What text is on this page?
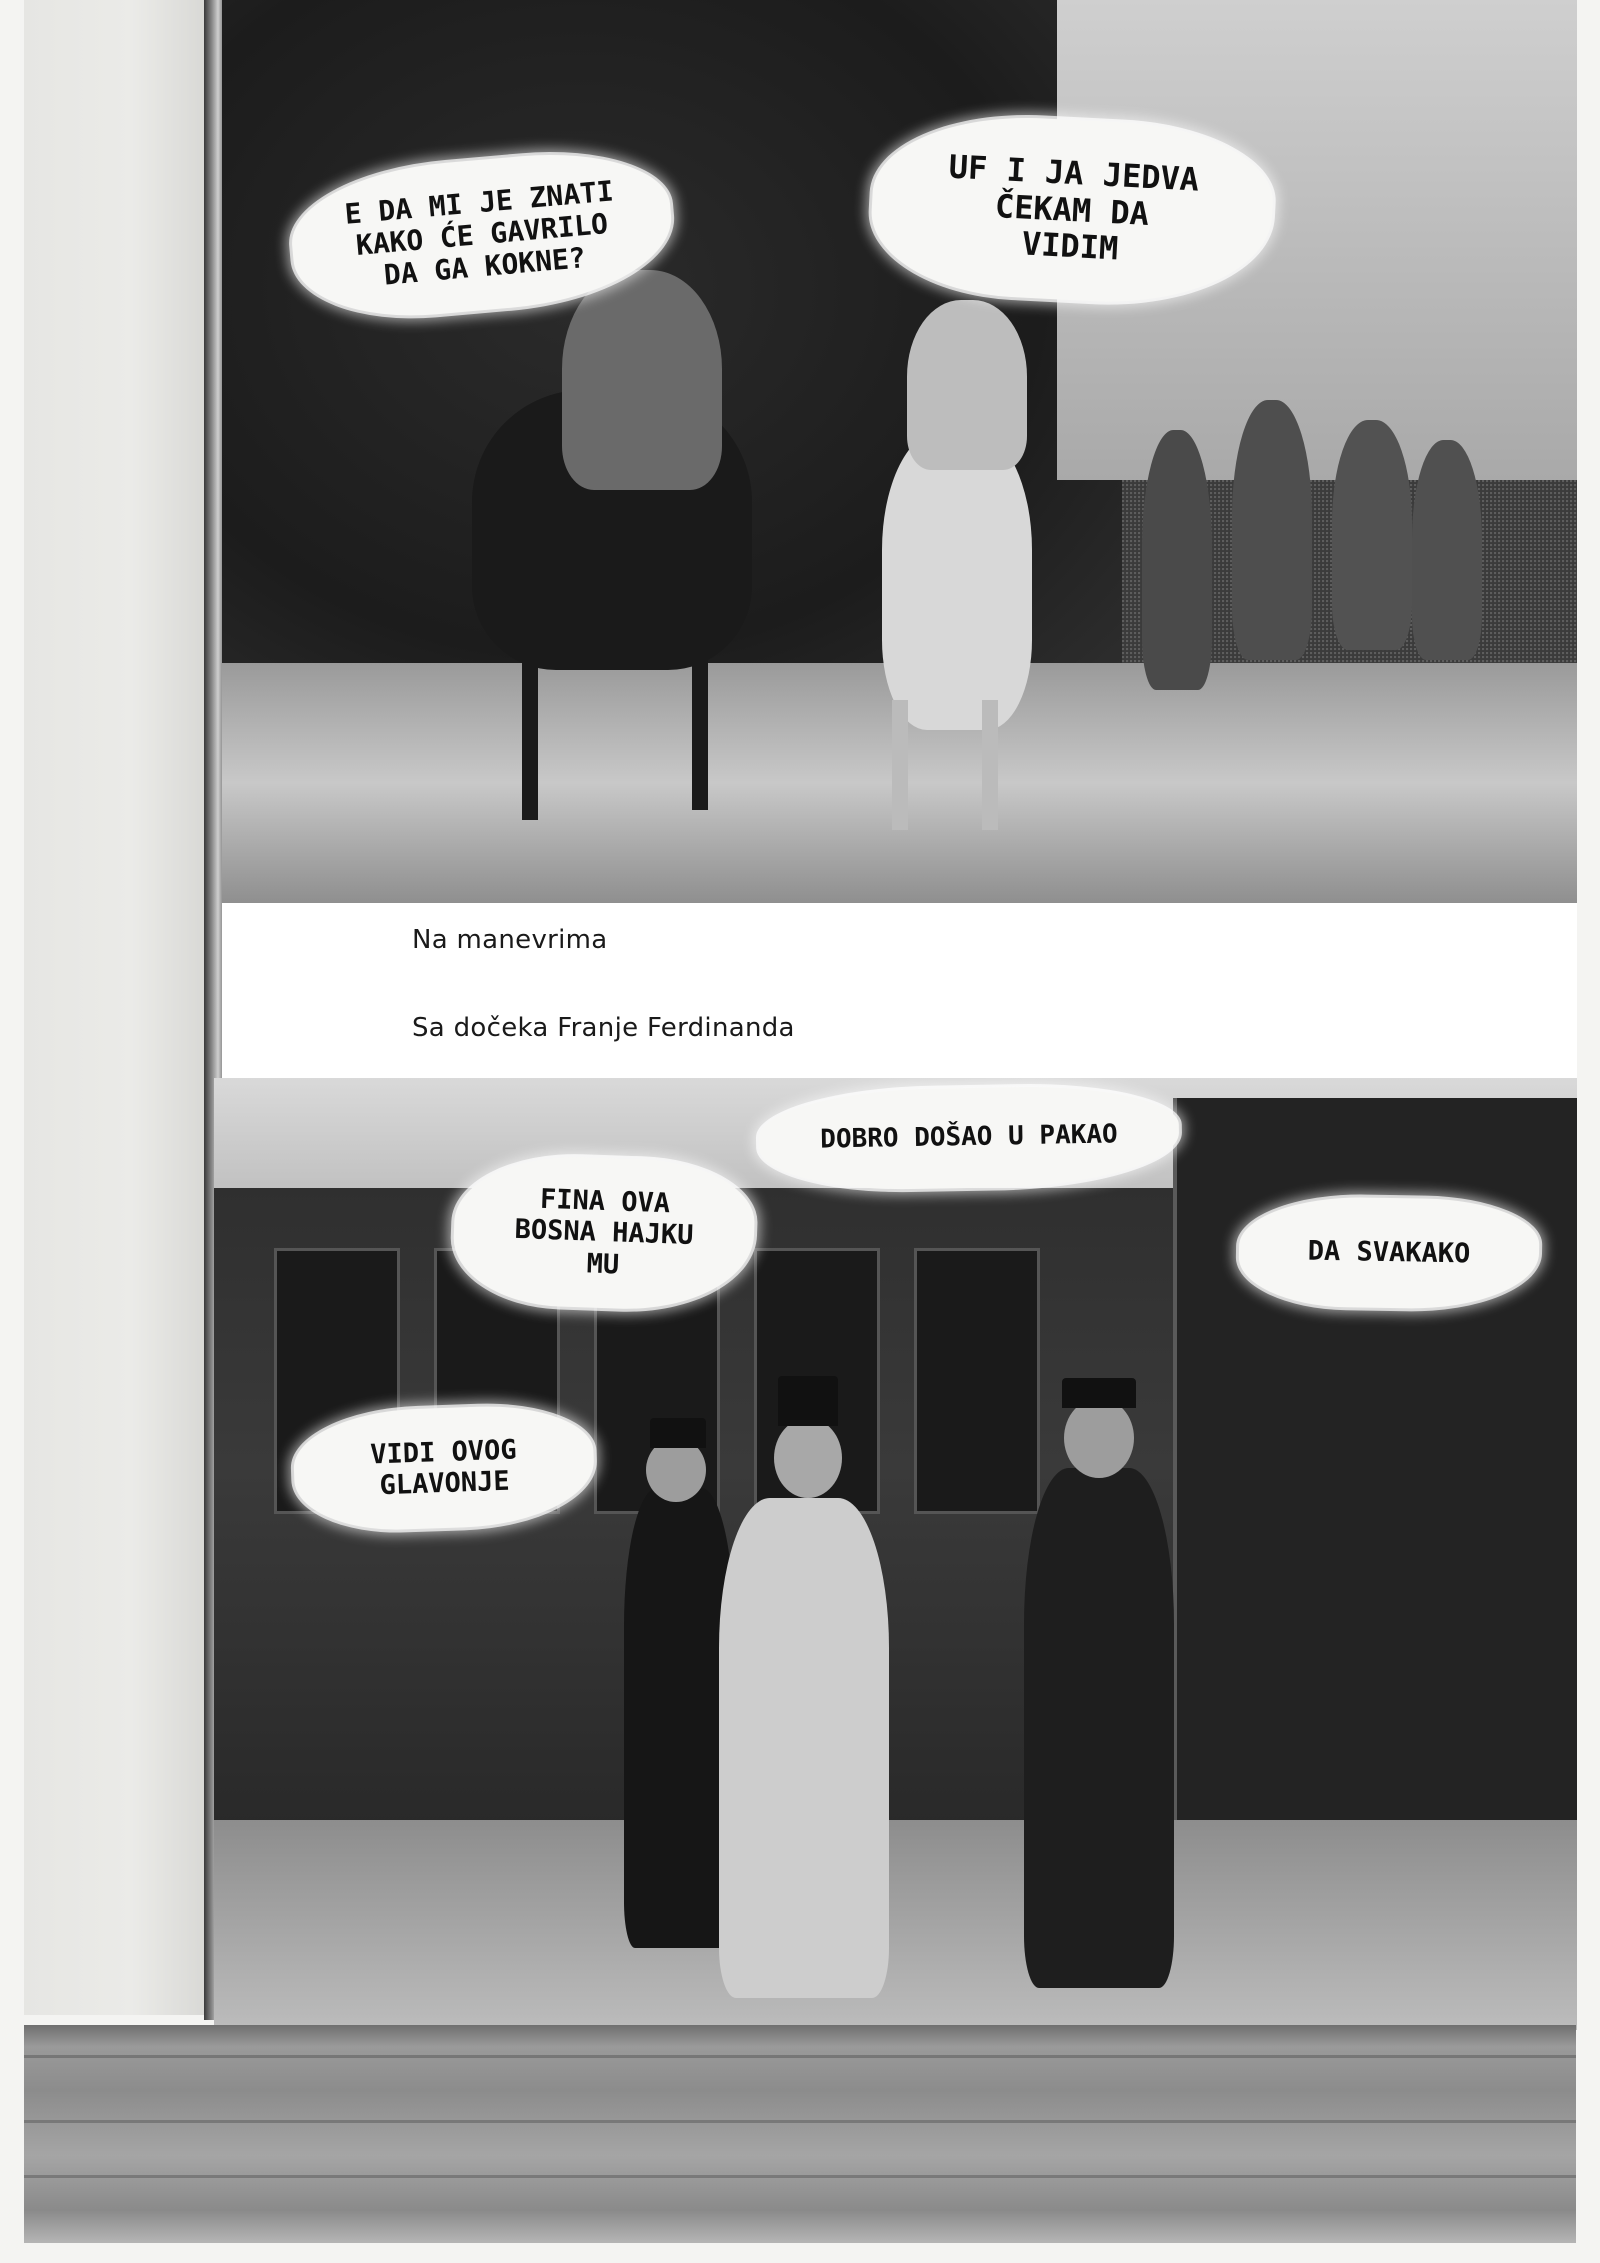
E DA MI JE ZNATI
KAKO ĆE GAVRILO
DA GA KOKNE?
UF I JA JEDVA
ČEKAM DA
VIDIM
Na manevrima
Sa dočeka Franje Ferdinanda
DOBRO DOŠAO U PAKAO
FINA OVA
BOSNA HAJKU
MU	DA SVAKAKO
VIDI OVOG
GLAVONJE
